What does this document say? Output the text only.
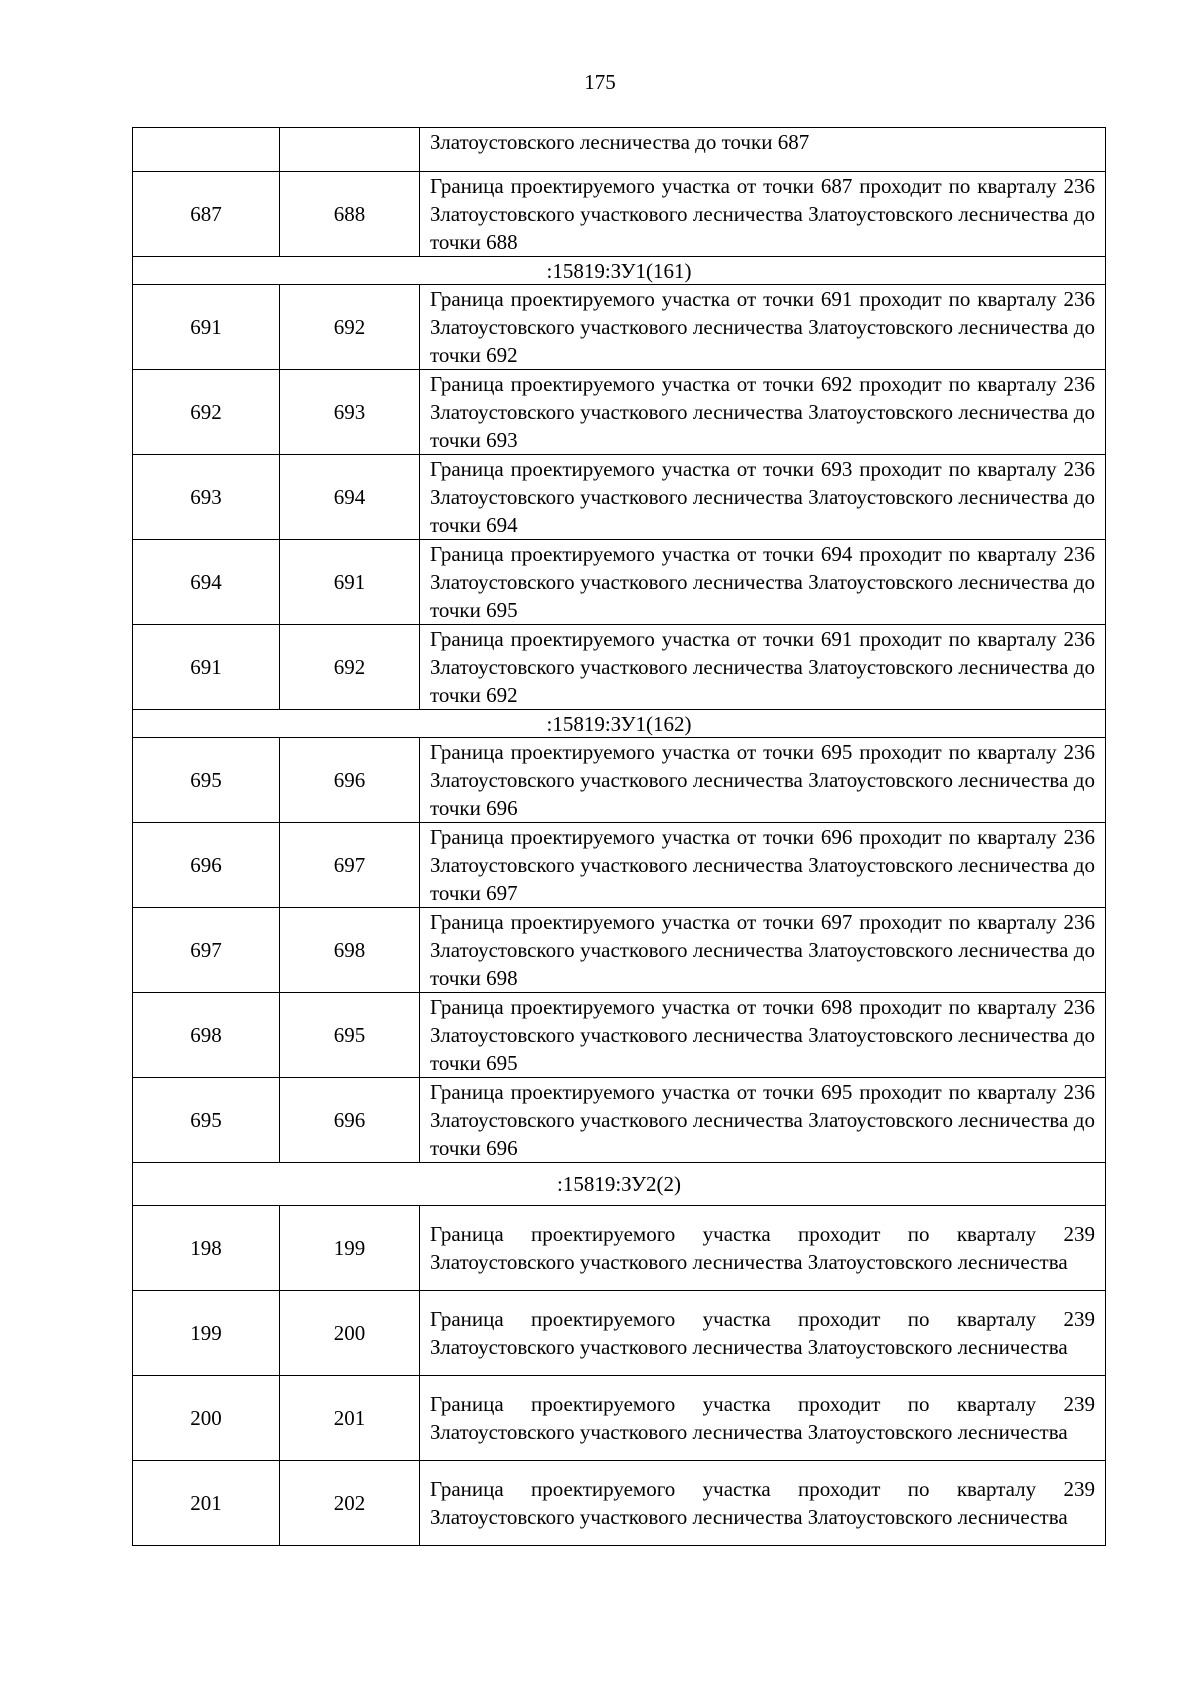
175
		Златоустовского лесничества до точки 687
687	688	Граница проектируемого участка от точки 687 проходит по кварталу 236 Златоустовского участкового лесничества Златоустовского лесничества до точки 688
:15819:ЗУ1(161)		
691	692	Граница проектируемого участка от точки 691 проходит по кварталу 236 Златоустовского участкового лесничества Златоустовского лесничества до точки 692
692	693	Граница проектируемого участка от точки 692 проходит по кварталу 236 Златоустовского участкового лесничества Златоустовского лесничества до точки 693
693	694	Граница проектируемого участка от точки 693 проходит по кварталу 236 Златоустовского участкового лесничества Златоустовского лесничества до точки 694
694	691	Граница проектируемого участка от точки 694 проходит по кварталу 236 Златоустовского участкового лесничества Златоустовского лесничества до точки 695
691	692	Граница проектируемого участка от точки 691 проходит по кварталу 236 Златоустовского участкового лесничества Златоустовского лесничества до точки 692
:15819:ЗУ1(162)		
695	696	Граница проектируемого участка от точки 695 проходит по кварталу 236 Златоустовского участкового лесничества Златоустовского лесничества до точки 696
696	697	Граница проектируемого участка от точки 696 проходит по кварталу 236 Златоустовского участкового лесничества Златоустовского лесничества до точки 697
697	698	Граница проектируемого участка от точки 697 проходит по кварталу 236 Златоустовского участкового лесничества Златоустовского лесничества до точки 698
698	695	Граница проектируемого участка от точки 698 проходит по кварталу 236 Златоустовского участкового лесничества Златоустовского лесничества до точки 695
695	696	Граница проектируемого участка от точки 695 проходит по кварталу 236 Златоустовского участкового лесничества Златоустовского лесничества до точки 696
:15819:ЗУ2(2)		
198	199	Граница проектируемого участка проходит по кварталу 239 Златоустовского участкового лесничества Златоустовского лесничества
199	200	Граница проектируемого участка проходит по кварталу 239 Златоустовского участкового лесничества Златоустовского лесничества
200	201	Граница проектируемого участка проходит по кварталу 239 Златоустовского участкового лесничества Златоустовского лесничества
201	202	Граница проектируемого участка проходит по кварталу 239 Златоустовского участкового лесничества Златоустовского лесничества
